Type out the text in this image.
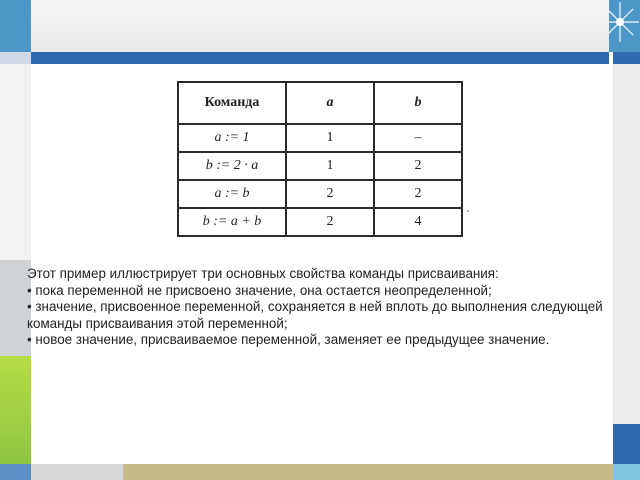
Команда	a	b
a := 1	1	–
b := 2 · a	1	2
a := b	2	2
b := a + b	2	4
·

Этот пример иллюстрирует три основных свойства команды присваивания:

• пока переменной не присвоено значение, она остается неопределенной;

• значение, присвоенное переменной, сохраняется в ней вплоть до выполнения следующей команды присваивания этой переменной;

• новое значение, присваиваемое переменной, заменяет ее предыдущее значение.
